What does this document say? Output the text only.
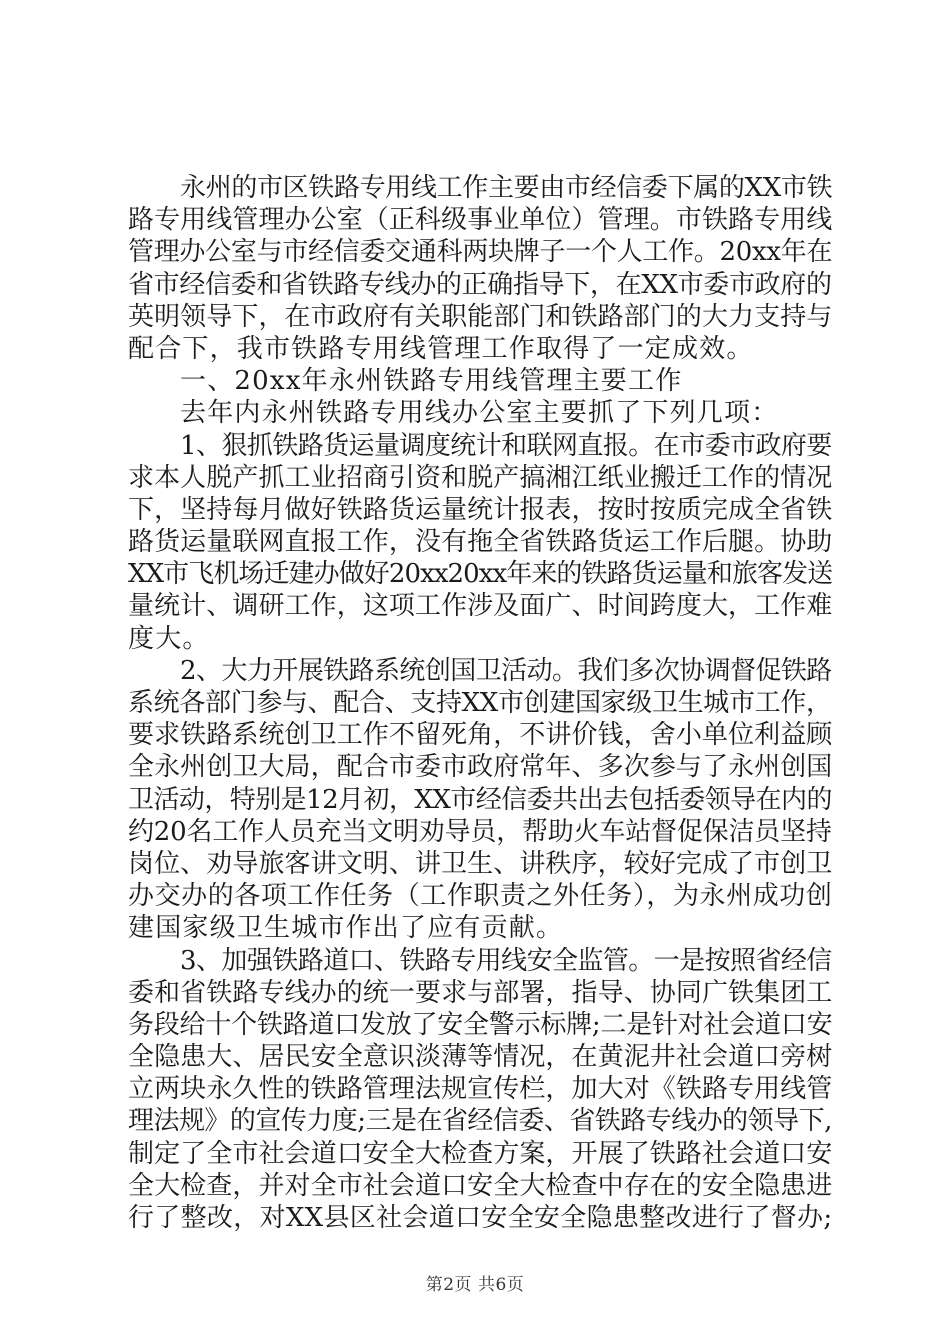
永州的市区铁路专用线工作主要由市经信委下属的XX市铁
路专用线管理办公室（正科级事业单位）管理。市铁路专用线
管理办公室与市经信委交通科两块牌子一个人工作。20xx年在
省市经信委和省铁路专线办的正确指导下，在XX市委市政府的
英明领导下，在市政府有关职能部门和铁路部门的大力支持与
配合下，我市铁路专用线管理工作取得了一定成效。
一、20xx年永州铁路专用线管理主要工作
去年内永州铁路专用线办公室主要抓了下列几项：
1、狠抓铁路货运量调度统计和联网直报。在市委市政府要
求本人脱产抓工业招商引资和脱产搞湘江纸业搬迁工作的情况
下，坚持每月做好铁路货运量统计报表，按时按质完成全省铁
路货运量联网直报工作，没有拖全省铁路货运工作后腿。协助
XX市飞机场迁建办做好20xx20xx年来的铁路货运量和旅客发送
量统计、调研工作，这项工作涉及面广、时间跨度大，工作难
度大。
2、大力开展铁路系统创国卫活动。我们多次协调督促铁路
系统各部门参与、配合、支持XX市创建国家级卫生城市工作，
要求铁路系统创卫工作不留死角，不讲价钱，舍小单位利益顾
全永州创卫大局，配合市委市政府常年、多次参与了永州创国
卫活动，特别是12月初，XX市经信委共出去包括委领导在内的
约20名工作人员充当文明劝导员，帮助火车站督促保洁员坚持
岗位、劝导旅客讲文明、讲卫生、讲秩序，较好完成了市创卫
办交办的各项工作任务（工作职责之外任务），为永州成功创
建国家级卫生城市作出了应有贡献。
3、加强铁路道口、铁路专用线安全监管。一是按照省经信
委和省铁路专线办的统一要求与部署，指导、协同广铁集团工
务段给十个铁路道口发放了安全警示标牌;二是针对社会道口安
全隐患大、居民安全意识淡薄等情况，在黄泥井社会道口旁树
立两块永久性的铁路管理法规宣传栏，加大对《铁路专用线管
理法规》的宣传力度;三是在省经信委、省铁路专线办的领导下,
制定了全市社会道口安全大检查方案，开展了铁路社会道口安
全大检查，并对全市社会道口安全大检查中存在的安全隐患进
行了整改，对XX县区社会道口安全安全隐患整改进行了督办;
第2页 共6页
